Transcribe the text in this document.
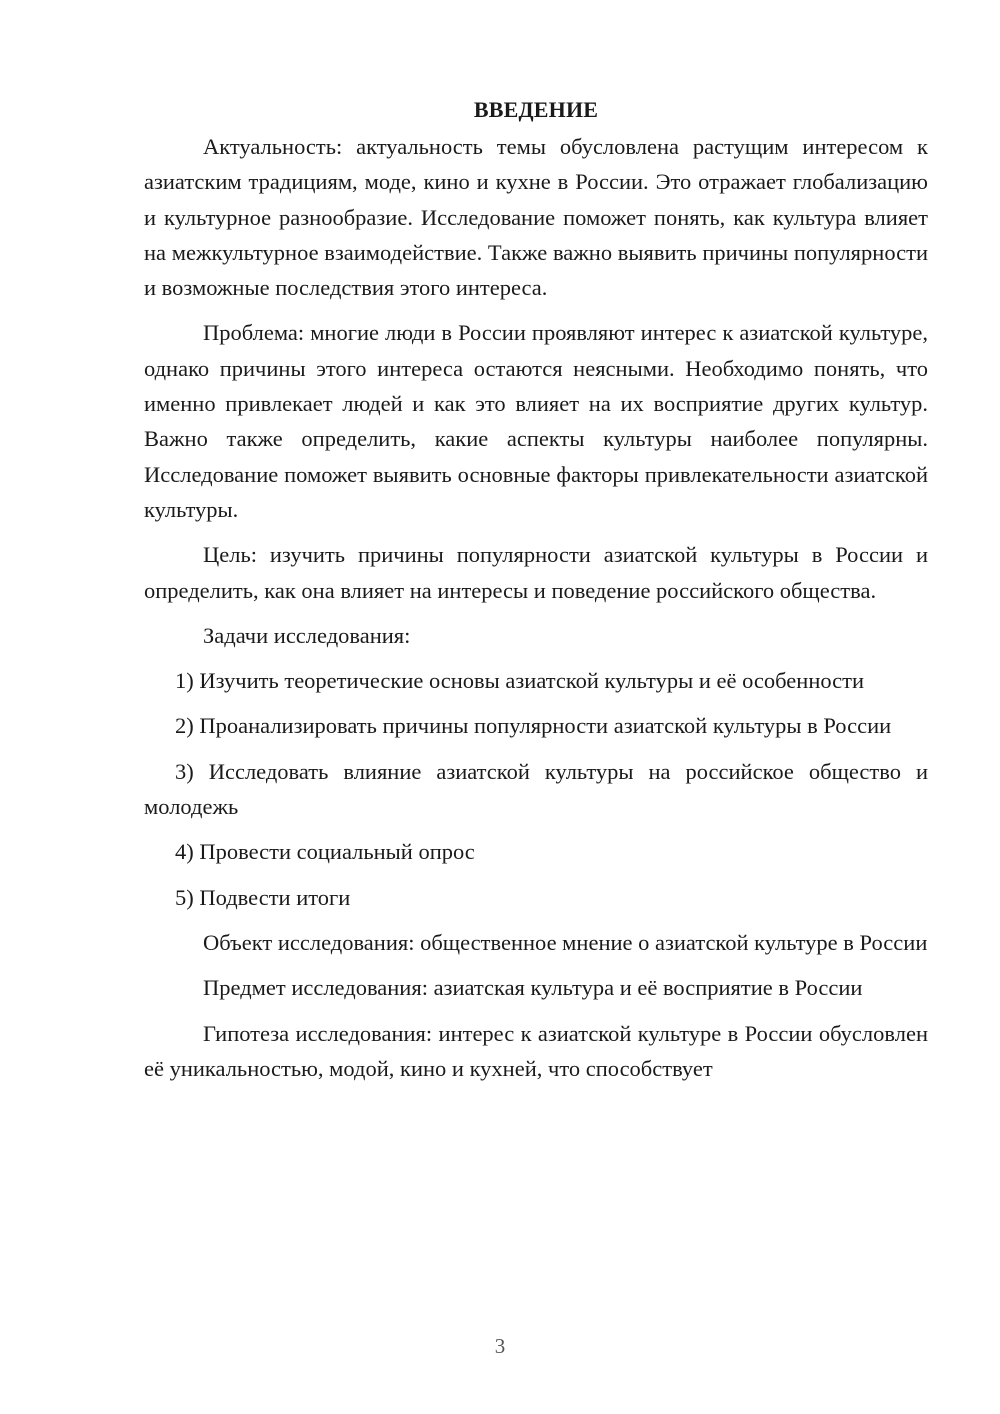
ВВЕДЕНИЕ

Актуальность: актуальность темы обусловлена растущим интересом к азиатским традициям, моде, кино и кухне в России. Это отражает глобализацию и культурное разнообразие. Исследование поможет понять, как культура влияет на межкультурное взаимодействие. Также важно выявить причины популярности и возможные последствия этого интереса.

Проблема: многие люди в России проявляют интерес к азиатской культуре, однако причины этого интереса остаются неясными. Необходимо понять, что именно привлекает людей и как это влияет на их восприятие других культур. Важно также определить, какие аспекты культуры наиболее популярны. Исследование поможет выявить основные факторы привлекательности азиатской культуры.

Цель: изучить причины популярности азиатской культуры в России и определить, как она влияет на интересы и поведение российского общества.

Задачи исследования:

1) Изучить теоретические основы азиатской культуры и её особенности

2) Проанализировать причины популярности азиатской культуры в России

3) Исследовать влияние азиатской культуры на российское общество и молодежь

4) Провести социальный опрос

5) Подвести итоги

Объект исследования: общественное мнение о азиатской культуре в России

Предмет исследования: азиатская культура и её восприятие в России

Гипотеза исследования: интерес к азиатской культуре в России обусловлен её уникальностью, модой, кино и кухней, что способствует

3
